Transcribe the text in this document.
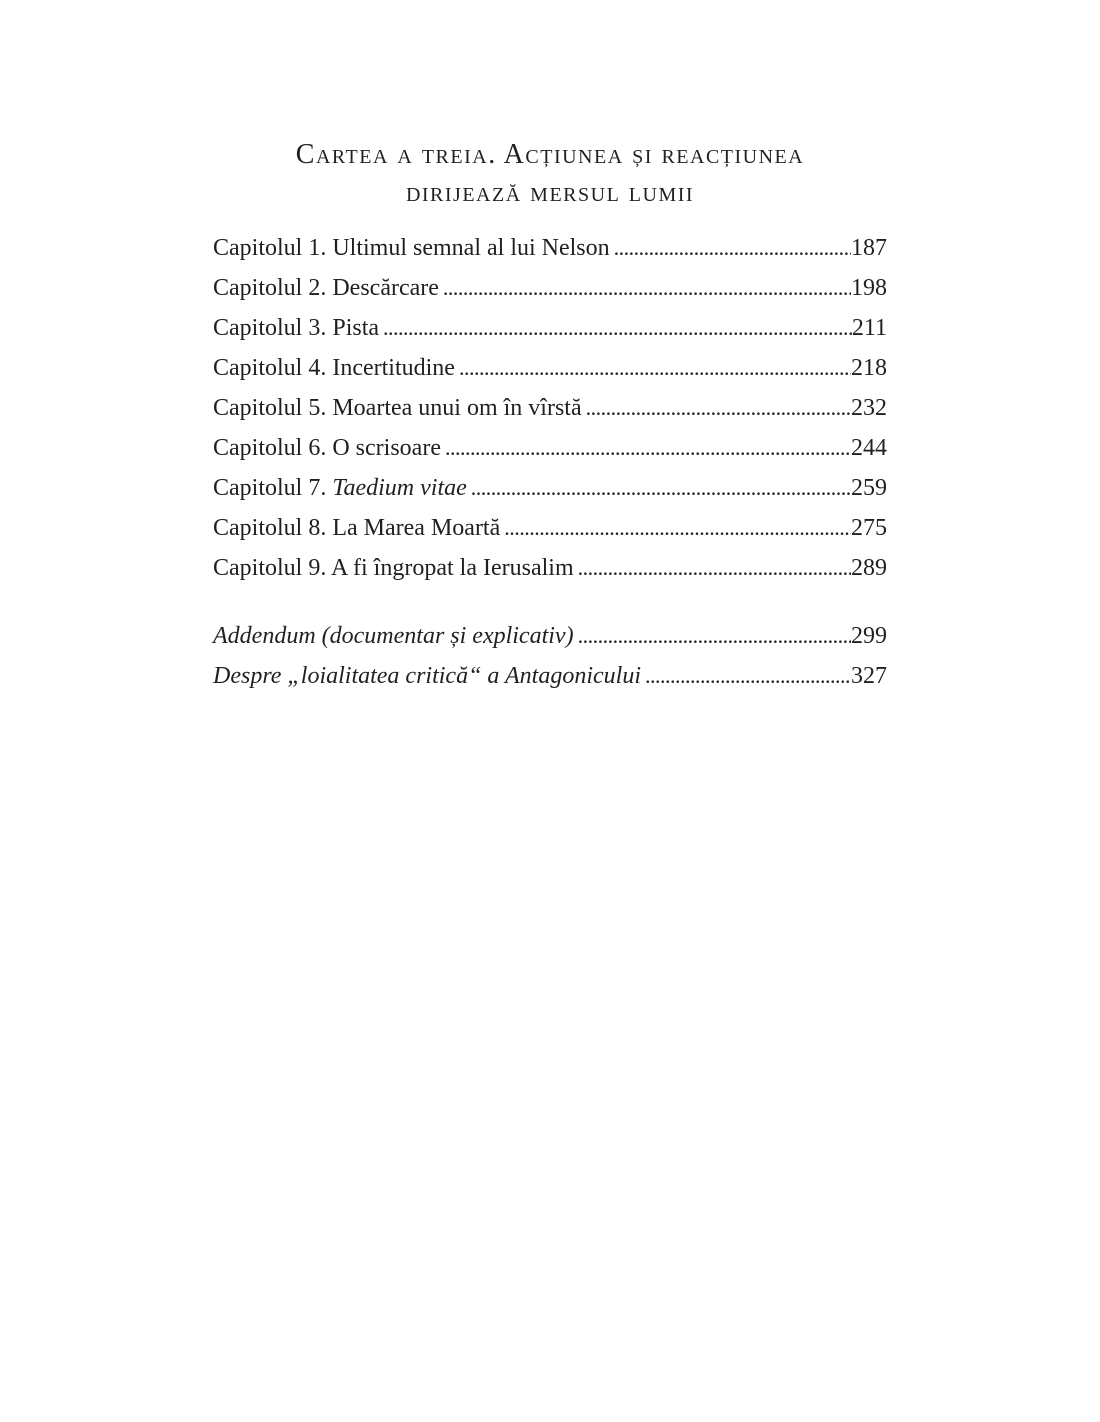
Cartea a treia. Acțiunea și reacțiunea
dirijează mersul lumii
Capitolul 1. Ultimul semnal al lui Nelson . . .	187
Capitolul 2. Descărcare . . .	198
Capitolul 3. Pista . . .	211
Capitolul 4. Incertitudine . . .	218
Capitolul 5. Moartea unui om în vîrstă . . .	232
Capitolul 6. O scrisoare . . .	244
Capitolul 7. Taedium vitae . . .	259
Capitolul 8. La Marea Moartă . . .	275
Capitolul 9. A fi îngropat la Ierusalim . . .	289
Addendum (documentar și explicativ) . . .	299
Despre „loialitatea critică“ a Antagonicului . . .	327
